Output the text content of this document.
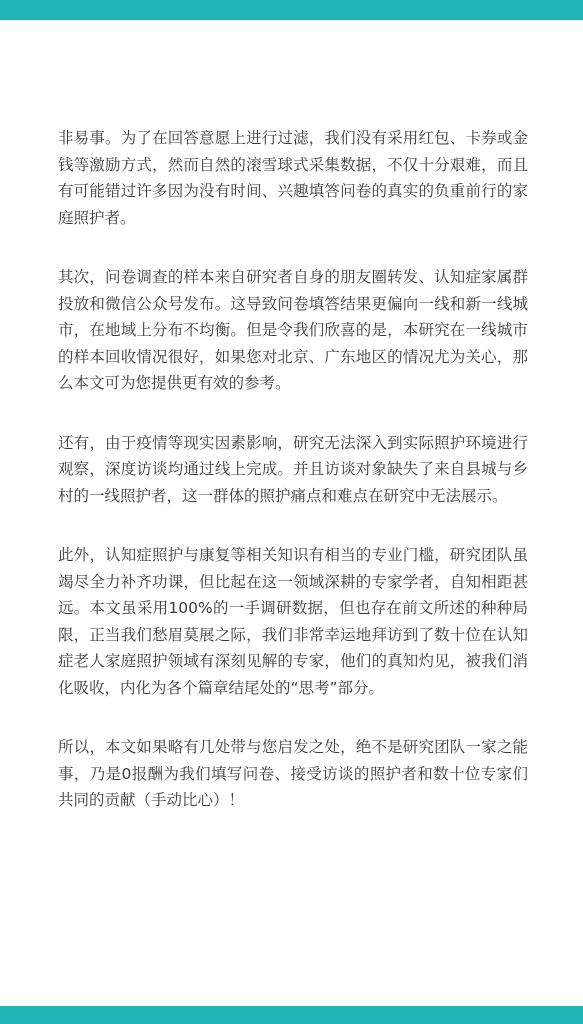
非易事。为了在回答意愿上进行过滤，我们没有采用红包、卡券或金钱等激励方式，然而自然的滚雪球式采集数据，不仅十分艰难，而且有可能错过许多因为没有时间、兴趣填答问卷的真实的负重前行的家庭照护者。

其次，问卷调查的样本来自研究者自身的朋友圈转发、认知症家属群投放和微信公众号发布。这导致问卷填答结果更偏向一线和新一线城市，在地域上分布不均衡。但是令我们欣喜的是，本研究在一线城市的样本回收情况很好，如果您对北京、广东地区的情况尤为关心，那么本文可为您提供更有效的参考。

还有，由于疫情等现实因素影响，研究无法深入到实际照护环境进行观察，深度访谈均通过线上完成。并且访谈对象缺失了来自县城与乡村的一线照护者，这一群体的照护痛点和难点在研究中无法展示。

此外，认知症照护与康复等相关知识有相当的专业门槛，研究团队虽竭尽全力补齐功课，但比起在这一领域深耕的专家学者，自知相距甚远。本文虽采用100%的一手调研数据，但也存在前文所述的种种局限，正当我们愁眉莫展之际，我们非常幸运地拜访到了数十位在认知症老人家庭照护领域有深刻见解的专家，他们的真知灼见，被我们消化吸收，内化为各个篇章结尾处的“思考”部分。

所以，本文如果略有几处带与您启发之处，绝不是研究团队一家之能事，乃是0报酬为我们填写问卷、接受访谈的照护者和数十位专家们共同的贡献（手动比心）！
